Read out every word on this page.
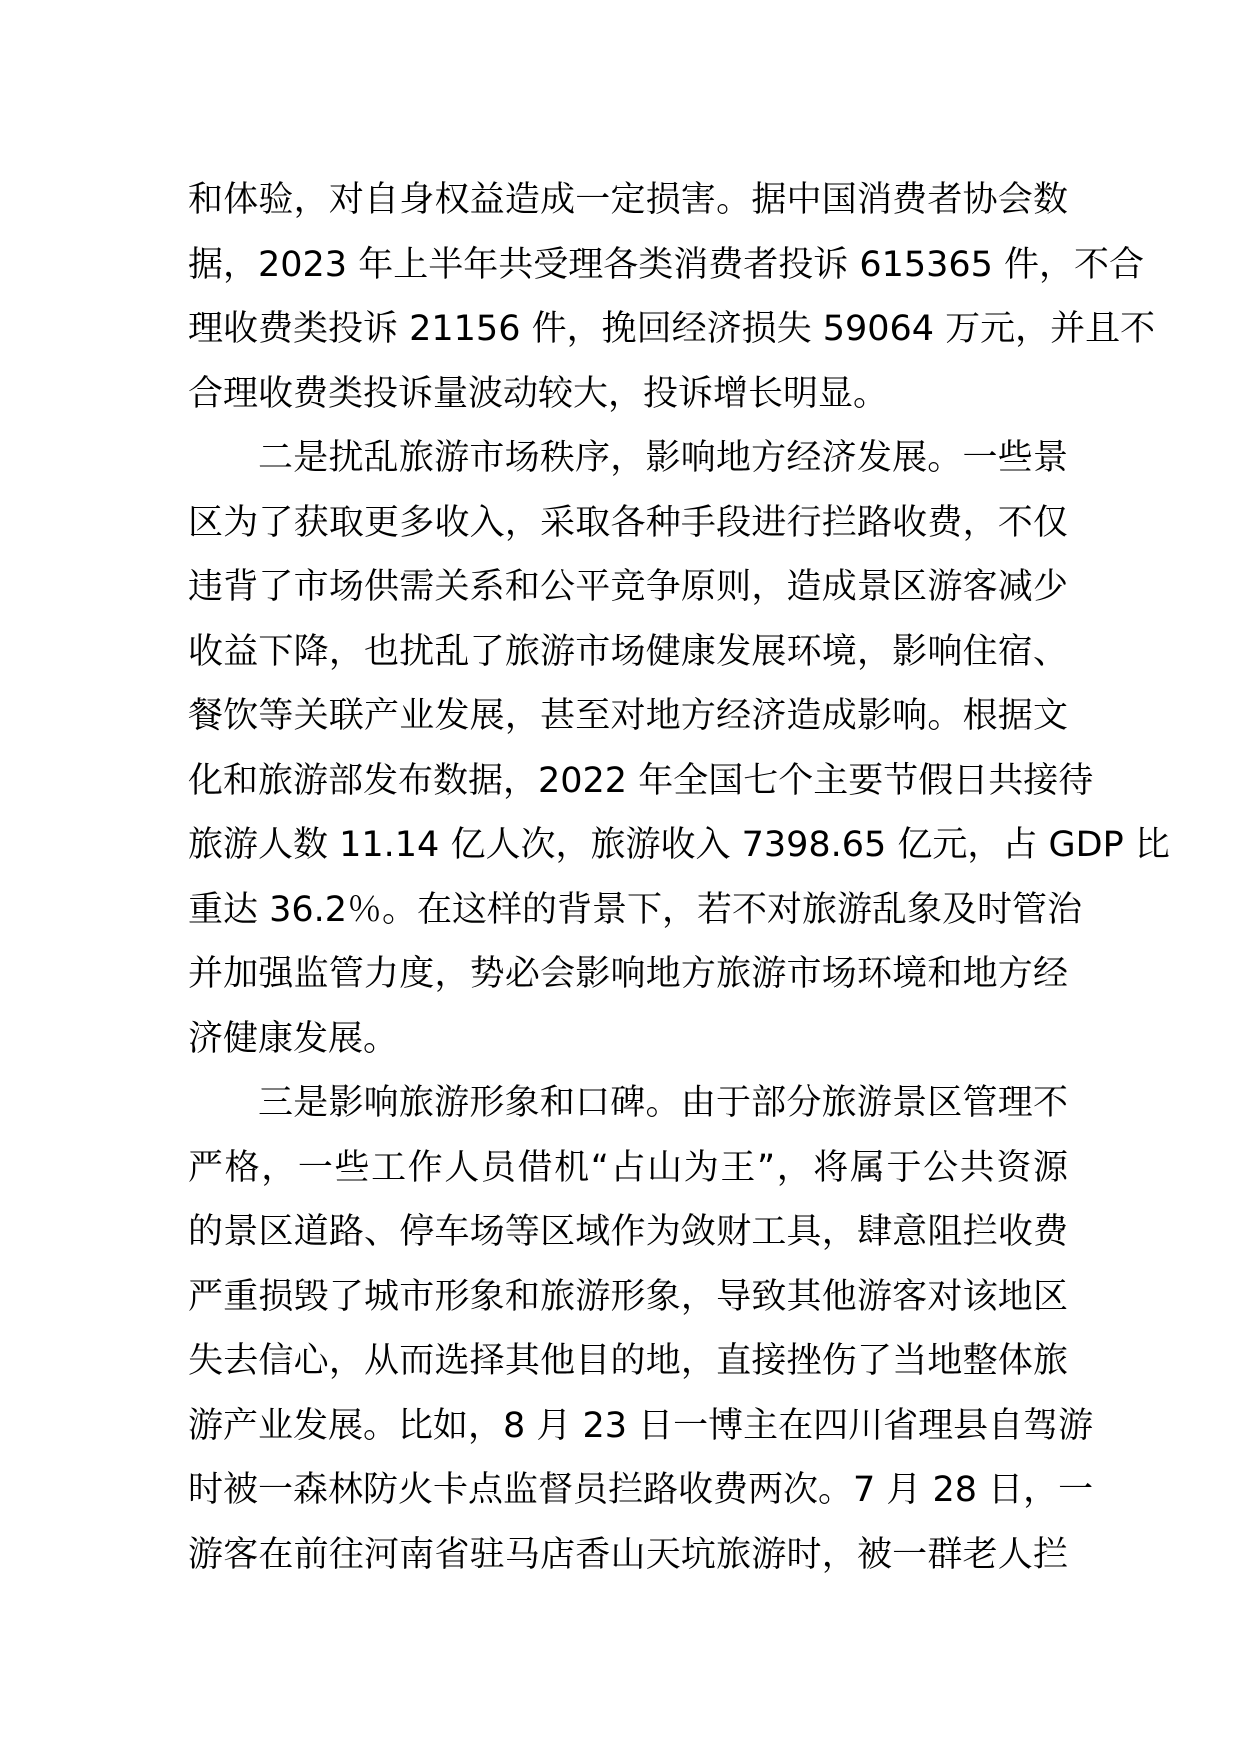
和体验，对自身权益造成一定损害。据中国消费者协会数
据，2023 年上半年共受理各类消费者投诉 615365 件，不合
理收费类投诉 21156 件，挽回经济损失 59064 万元，并且不
合理收费类投诉量波动较大，投诉增长明显。
二是扰乱旅游市场秩序，影响地方经济发展。一些景
区为了获取更多收入，采取各种手段进行拦路收费，不仅
违背了市场供需关系和公平竞争原则，造成景区游客减少
收益下降，也扰乱了旅游市场健康发展环境，影响住宿、
餐饮等关联产业发展，甚至对地方经济造成影响。根据文
化和旅游部发布数据，2022 年全国七个主要节假日共接待
旅游人数 11.14 亿人次，旅游收入 7398.65 亿元，占 GDP 比
重达 36.2％。在这样的背景下，若不对旅游乱象及时管治
并加强监管力度，势必会影响地方旅游市场环境和地方经
济健康发展。
三是影响旅游形象和口碑。由于部分旅游景区管理不
严格，一些工作人员借机“占山为王”，将属于公共资源
的景区道路、停车场等区域作为敛财工具，肆意阻拦收费
严重损毁了城市形象和旅游形象，导致其他游客对该地区
失去信心，从而选择其他目的地，直接挫伤了当地整体旅
游产业发展。比如，8 月 23 日一博主在四川省理县自驾游
时被一森林防火卡点监督员拦路收费两次。7 月 28 日，一
游客在前往河南省驻马店香山天坑旅游时，被一群老人拦
